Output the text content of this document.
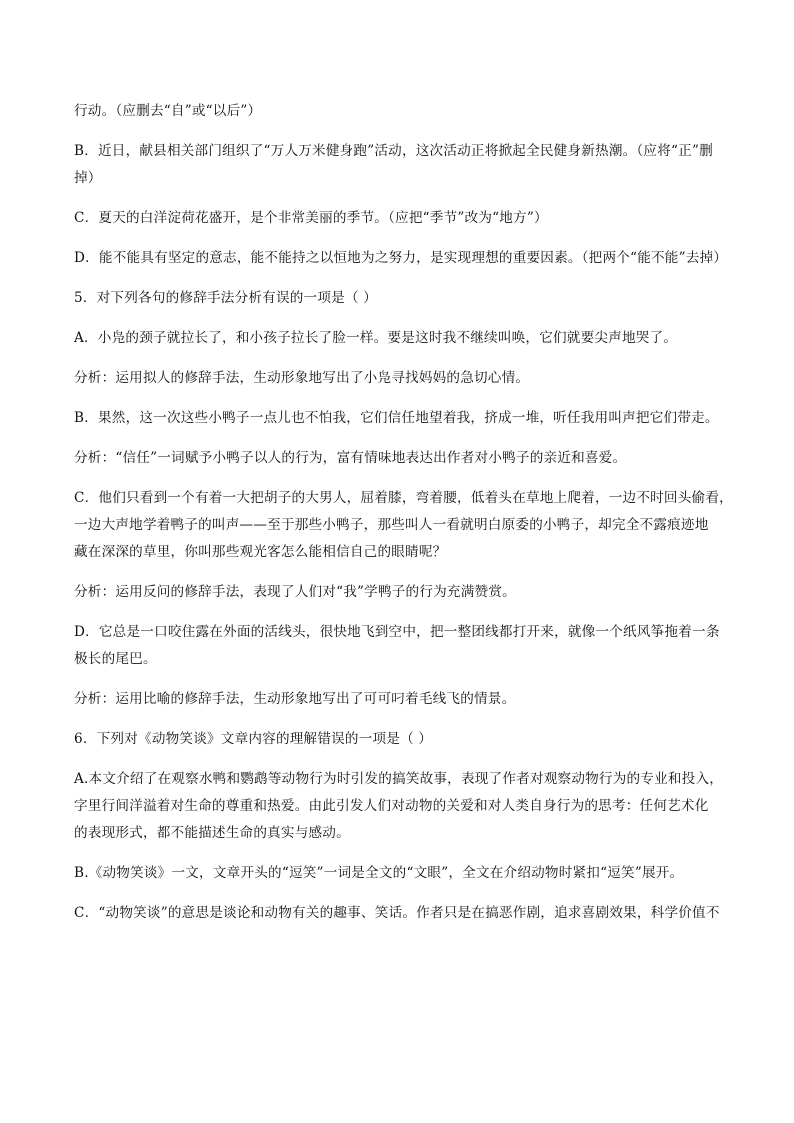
行动。（应删去“自”或“以后”）
B．近日，献县相关部门组织了“万人万米健身跑”活动，这次活动正将掀起全民健身新热潮。（应将“正”删
掉）
C．夏天的白洋淀荷花盛开，是个非常美丽的季节。（应把“季节”改为“地方”）
D．能不能具有坚定的意志，能不能持之以恒地为之努力，是实现理想的重要因素。（把两个“能不能”去掉）
5．对下列各句的修辞手法分析有误的一项是（ ）
A．小凫的颈子就拉长了，和小孩子拉长了脸一样。要是这时我不继续叫唤，它们就要尖声地哭了。
分析：运用拟人的修辞手法，生动形象地写出了小凫寻找妈妈的急切心情。
B．果然，这一次这些小鸭子一点儿也不怕我，它们信任地望着我，挤成一堆，听任我用叫声把它们带走。
分析：“信任”一词赋予小鸭子以人的行为，富有情味地表达出作者对小鸭子的亲近和喜爱。
C．他们只看到一个有着一大把胡子的大男人，屈着膝，弯着腰，低着头在草地上爬着，一边不时回头偷看，
一边大声地学着鸭子的叫声——至于那些小鸭子，那些叫人一看就明白原委的小鸭子，却完全不露痕迹地
藏在深深的草里，你叫那些观光客怎么能相信自己的眼睛呢？
分析：运用反问的修辞手法，表现了人们对“我”学鸭子的行为充满赞赏。
D．它总是一口咬住露在外面的活线头，很快地飞到空中，把一整团线都打开来，就像一个纸风筝拖着一条
极长的尾巴。
分析：运用比喻的修辞手法，生动形象地写出了可可叼着毛线飞的情景。
6．下列对《动物笑谈》文章内容的理解错误的一项是（ ）
A.本文介绍了在观察水鸭和鹦鹉等动物行为时引发的搞笑故事，表现了作者对观察动物行为的专业和投入，
字里行间洋溢着对生命的尊重和热爱。由此引发人们对动物的关爱和对人类自身行为的思考：任何艺术化
的表现形式，都不能描述生命的真实与感动。
B.《动物笑谈》一文，文章开头的“逗笑”一词是全文的“文眼”，全文在介绍动物时紧扣“逗笑”展开。
C．“动物笑谈”的意思是谈论和动物有关的趣事、笑话。作者只是在搞恶作剧，追求喜剧效果，科学价值不
